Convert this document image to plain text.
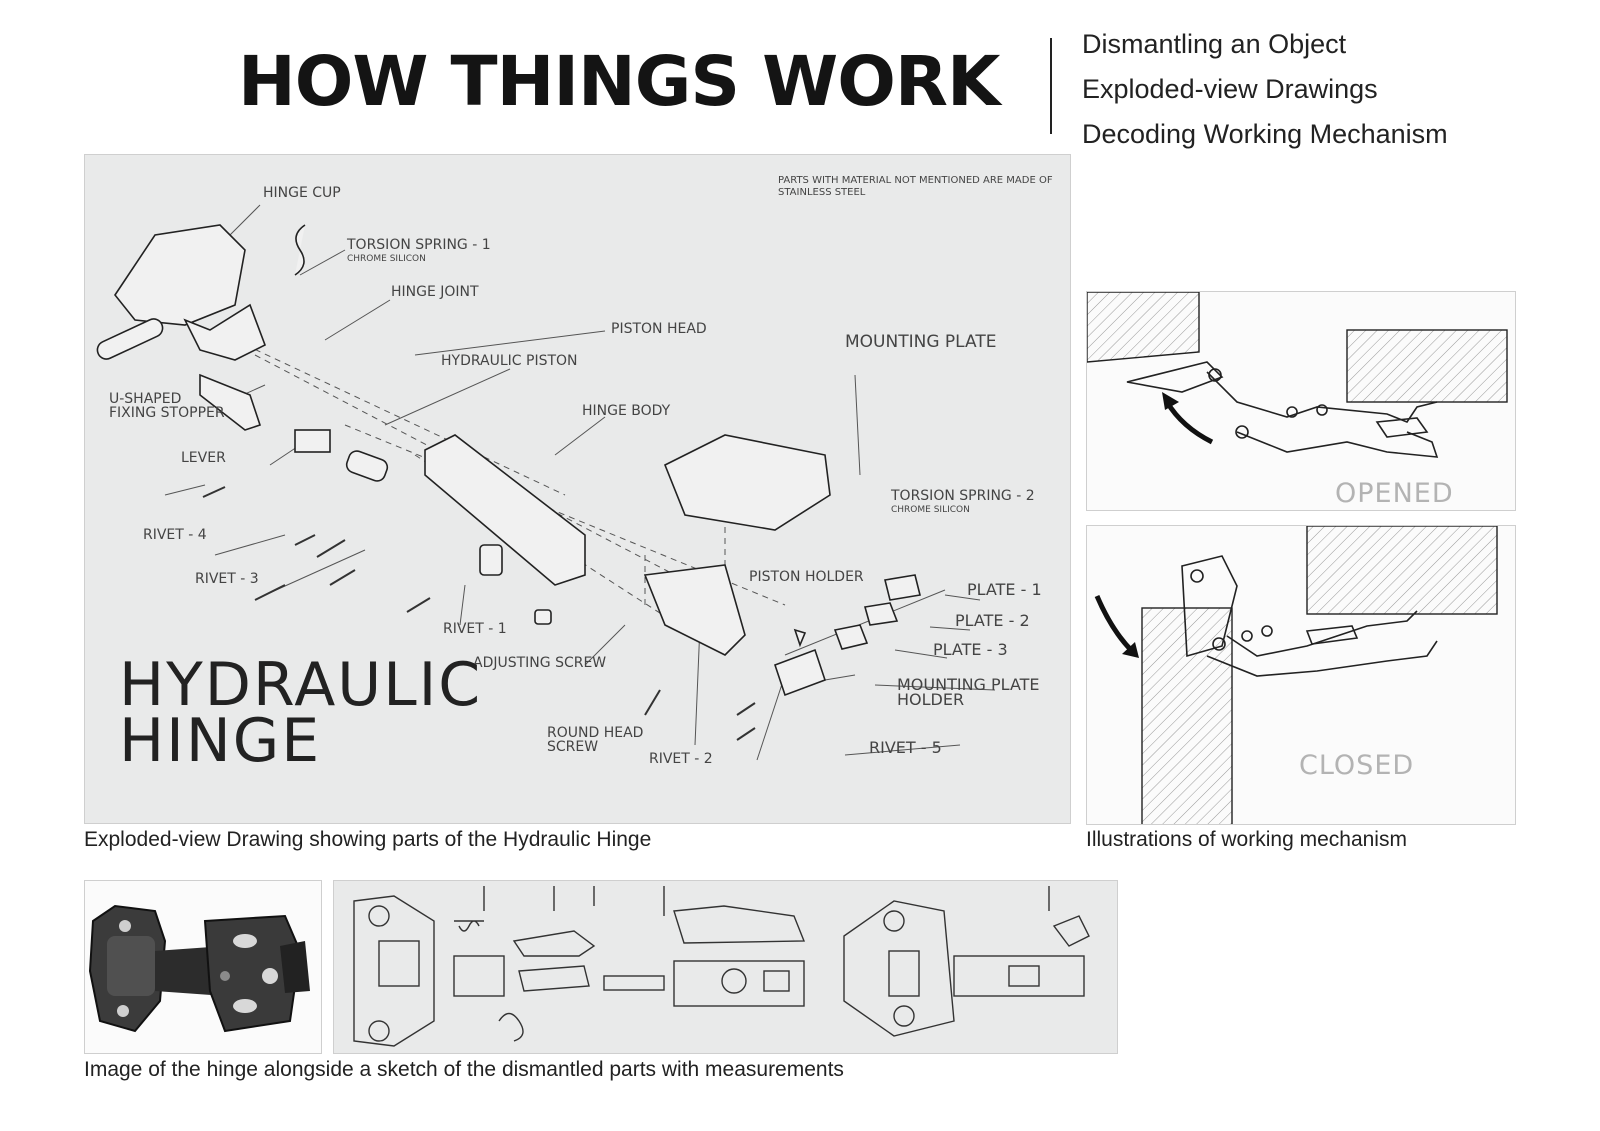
HOW THINGS WORK	Dismantling an Object
Exploded-view Drawings
Decoding Working Mechanism
PARTS WITH MATERIAL NOT MENTIONED ARE MADE OF
STAINLESS STEEL
HINGE CUP
TORSION SPRING - 1
CHROME SILICON
HINGE JOINT
PISTON HEAD
HYDRAULIC PISTON
MOUNTING PLATE
U-SHAPED
FIXING STOPPER	HINGE BODY
LEVER
TORSION SPRING - 2
CHROME SILICON
RIVET - 4
RIVET - 3	PISTON HOLDER
PLATE - 1
PLATE - 2
PLATE - 3
RIVET - 1
ADJUSTING SCREW
MOUNTING PLATE
HOLDER
ROUND HEAD
SCREW
RIVET - 2
RIVET - 5
HYDRAULIC
HINGE
Exploded-view Drawing showing parts of the Hydraulic Hinge
OPENED
CLOSED
Illustrations of working mechanism
Image of the hinge alongside a sketch of the dismantled parts with measurements
